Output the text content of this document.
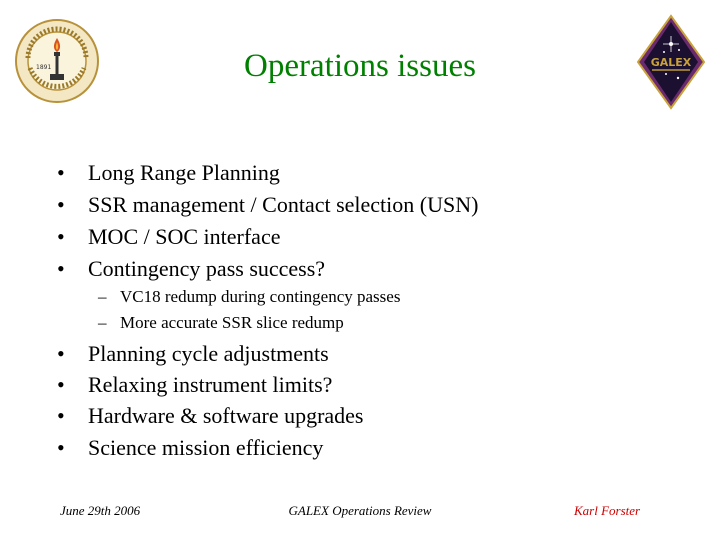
1891	GALEX
Operations issues
•	Long Range Planning
•	SSR management / Contact selection (USN)
•	MOC / SOC interface
•	Contingency pass success?
– VC18 redump during contingency passes
– More accurate SSR slice redump
•	Planning cycle adjustments
•	Relaxing instrument limits?
•	Hardware & software upgrades
•	Science mission efficiency
June 29th 2006	GALEX Operations Review	Karl Forster
